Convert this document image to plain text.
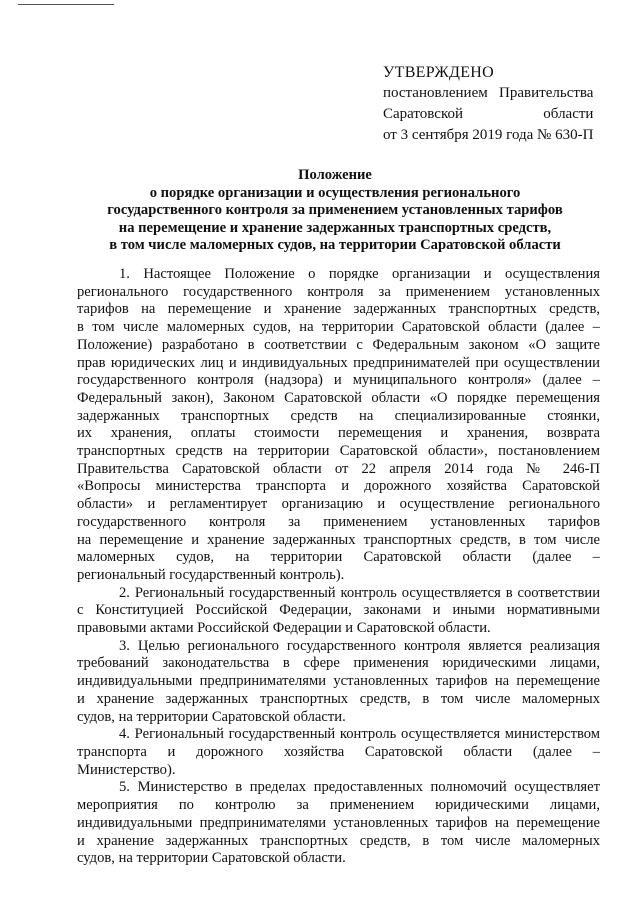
УТВЕРЖДЕНО
постановлением Правительства
Саратовской области
от 3 сентября 2019 года № 630-П
Положение
о порядке организации и осуществления регионального
государственного контроля за применением установленных тарифов
на перемещение и хранение задержанных транспортных средств,
в том числе маломерных судов, на территории Саратовской области
1. Настоящее Положение о порядке организации и осуществления
регионального государственного контроля за применением установленных
тарифов на перемещение и хранение задержанных транспортных средств,
в том числе маломерных судов, на территории Саратовской области (далее –
Положение) разработано в соответствии с Федеральным законом «О защите
прав юридических лиц и индивидуальных предпринимателей при осуществлении
государственного контроля (надзора) и муниципального контроля» (далее –
Федеральный закон), Законом Саратовской области «О порядке перемещения
задержанных транспортных средств на специализированные стоянки,
их хранения, оплаты стоимости перемещения и хранения, возврата
транспортных средств на территории Саратовской области», постановлением
Правительства Саратовской области от 22 апреля 2014 года № 246-П
«Вопросы министерства транспорта и дорожного хозяйства Саратовской
области» и регламентирует организацию и осуществление регионального
государственного контроля за применением установленных тарифов
на перемещение и хранение задержанных транспортных средств, в том числе
маломерных судов, на территории Саратовской области (далее –
региональный государственный контроль).
2. Региональный государственный контроль осуществляется в соответствии
с Конституцией Российской Федерации, законами и иными нормативными
правовыми актами Российской Федерации и Саратовской области.
3. Целью регионального государственного контроля является реализация
требований законодательства в сфере применения юридическими лицами,
индивидуальными предпринимателями установленных тарифов на перемещение
и хранение задержанных транспортных средств, в том числе маломерных
судов, на территории Саратовской области.
4. Региональный государственный контроль осуществляется министерством
транспорта и дорожного хозяйства Саратовской области (далее –
Министерство).
5. Министерство в пределах предоставленных полномочий осуществляет
мероприятия по контролю за применением юридическими лицами,
индивидуальными предпринимателями установленных тарифов на перемещение
и хранение задержанных транспортных средств, в том числе маломерных
судов, на территории Саратовской области.
